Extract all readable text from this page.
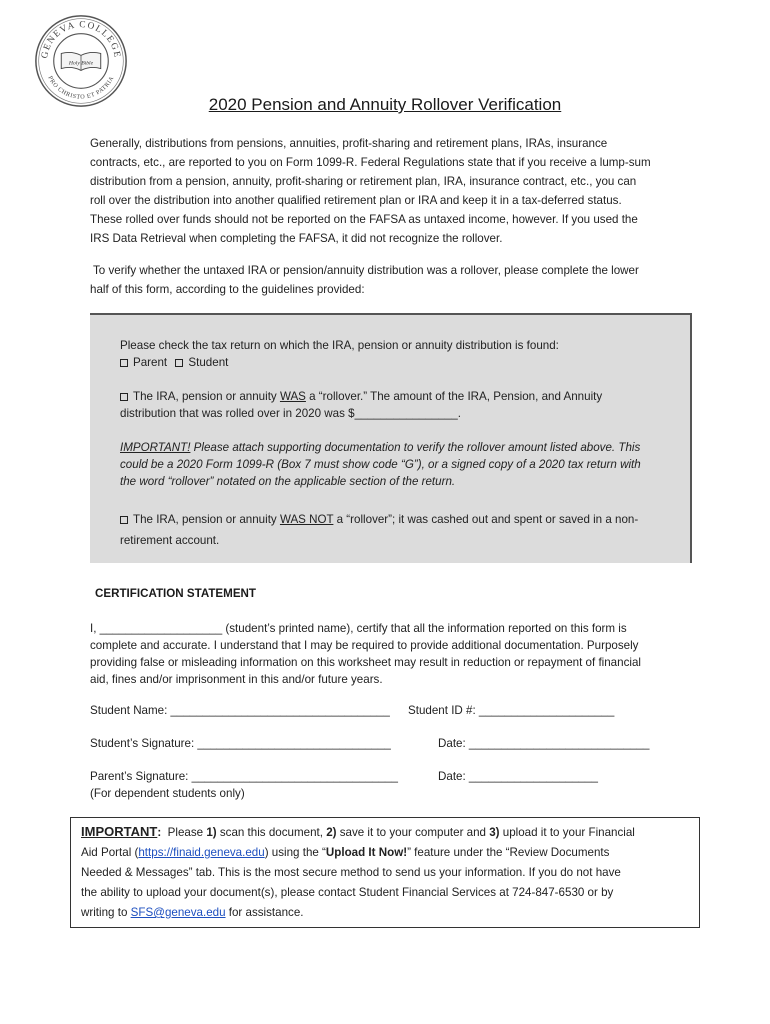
GENEVA COLLEGE
PRO CHRISTO ET PATRIA
Holy Bible
2020 Pension and Annuity Rollover Verification
Generally, distributions from pensions, annuities, profit-sharing and retirement plans, IRAs, insurance
contracts, etc., are reported to you on Form 1099-R. Federal Regulations state that if you receive a lump-sum
distribution from a pension, annuity, profit-sharing or retirement plan, IRA, insurance contract, etc., you can
roll over the distribution into another qualified retirement plan or IRA and keep it in a tax-deferred status.
These rolled over funds should not be reported on the FAFSA as untaxed income, however. If you used the
IRS Data Retrieval when completing the FAFSA, it did not recognize the rollover.
To verify whether the untaxed IRA or pension/annuity distribution was a rollover, please complete the lower
half of this form, according to the guidelines provided:
Please check the tax return on which the IRA, pension or annuity distribution is found:
Parent Student
The IRA, pension or annuity WAS a “rollover.” The amount of the IRA, Pension, and Annuity
distribution that was rolled over in 2020 was $________________.
IMPORTANT! Please attach supporting documentation to verify the rollover amount listed above. This
could be a 2020 Form 1099-R (Box 7 must show code “G”), or a signed copy of a 2020 tax return with
the word “rollover” notated on the applicable section of the return.
The IRA, pension or annuity WAS NOT a “rollover”; it was cashed out and spent or saved in a non-
retirement account.
CERTIFICATION STATEMENT
I, ___________________ (student’s printed name), certify that all the information reported on this form is
complete and accurate. I understand that I may be required to provide additional documentation. Purposely
providing false or misleading information on this worksheet may result in reduction or repayment of financial
aid, fines and/or imprisonment in this and/or future years.
Student Name: __________________________________ Student ID #: _____________________
Student’s Signature: ______________________________	Date: ____________________________
Parent’s Signature: ________________________________	Date: ____________________
(For dependent students only)
IMPORTANT:  Please 1) scan this document, 2) save it to your computer and 3) upload it to your Financial
Aid Portal (https://finaid.geneva.edu) using the “Upload It Now!” feature under the “Review Documents
Needed & Messages” tab. This is the most secure method to send us your information. If you do not have
the ability to upload your document(s), please contact Student Financial Services at 724-847-6530 or by
writing to SFS@geneva.edu for assistance.
